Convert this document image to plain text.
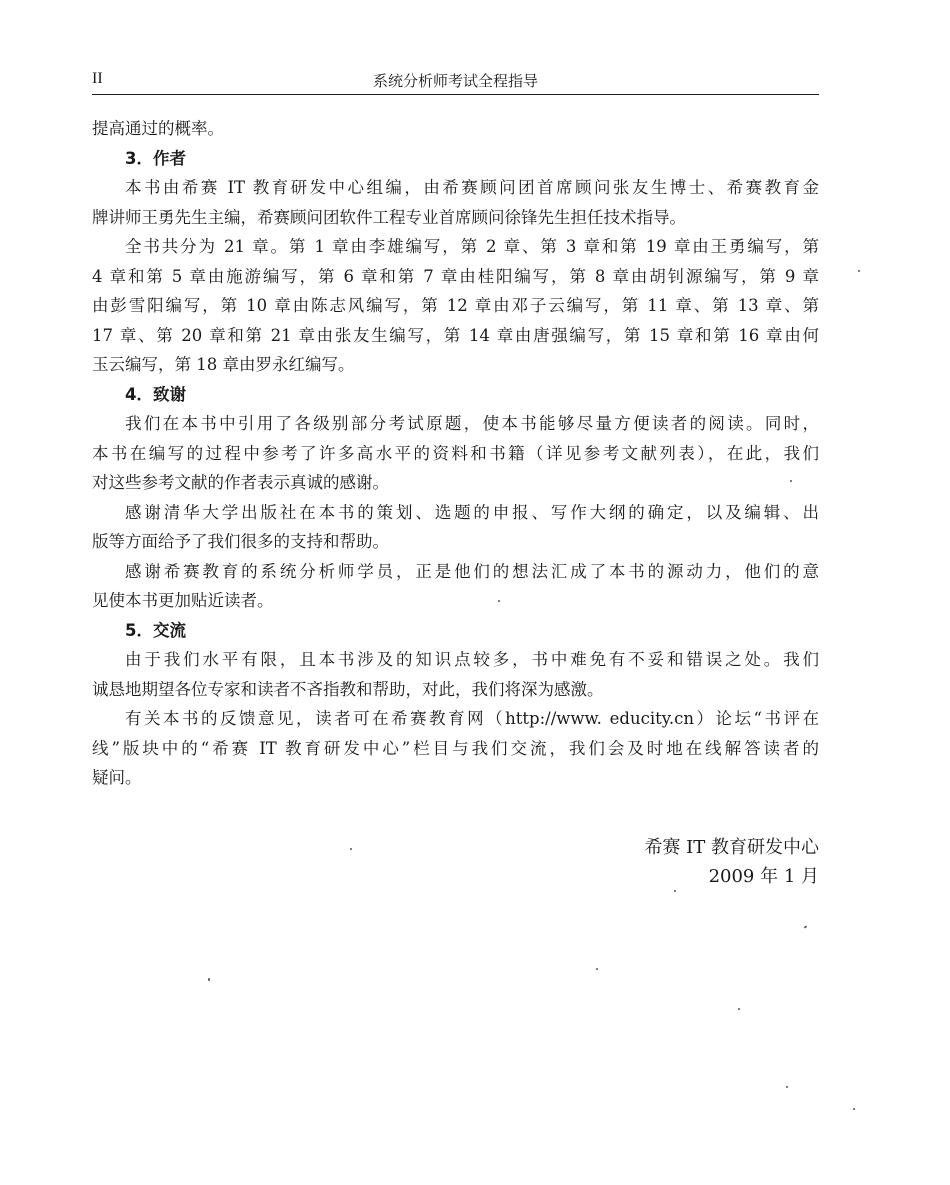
II	系统分析师考试全程指导
提高通过的概率。
3．作者
本书由希赛 IT 教育研发中心组编，由希赛顾问团首席顾问张友生博士、希赛教育金
牌讲师王勇先生主编，希赛顾问团软件工程专业首席顾问徐锋先生担任技术指导。
全书共分为 21 章。第 1 章由李雄编写，第 2 章、第 3 章和第 19 章由王勇编写，第
4 章和第 5 章由施游编写，第 6 章和第 7 章由桂阳编写，第 8 章由胡钊源编写，第 9 章
由彭雪阳编写，第 10 章由陈志风编写，第 12 章由邓子云编写，第 11 章、第 13 章、第
17 章、第 20 章和第 21 章由张友生编写，第 14 章由唐强编写，第 15 章和第 16 章由何
玉云编写，第 18 章由罗永红编写。
4．致谢
我们在本书中引用了各级别部分考试原题，使本书能够尽量方便读者的阅读。同时，
本书在编写的过程中参考了许多高水平的资料和书籍（详见参考文献列表），在此，我们
对这些参考文献的作者表示真诚的感谢。
感谢清华大学出版社在本书的策划、选题的申报、写作大纲的确定，以及编辑、出
版等方面给予了我们很多的支持和帮助。
感谢希赛教育的系统分析师学员，正是他们的想法汇成了本书的源动力，他们的意
见使本书更加贴近读者。
5．交流
由于我们水平有限，且本书涉及的知识点较多，书中难免有不妥和错误之处。我们
诚恳地期望各位专家和读者不吝指教和帮助，对此，我们将深为感激。
有关本书的反馈意见，读者可在希赛教育网（http://www. educity.cn）论坛“书评在
线”版块中的“希赛 IT 教育研发中心”栏目与我们交流，我们会及时地在线解答读者的
疑问。
希赛 IT 教育研发中心
2009 年 1 月
